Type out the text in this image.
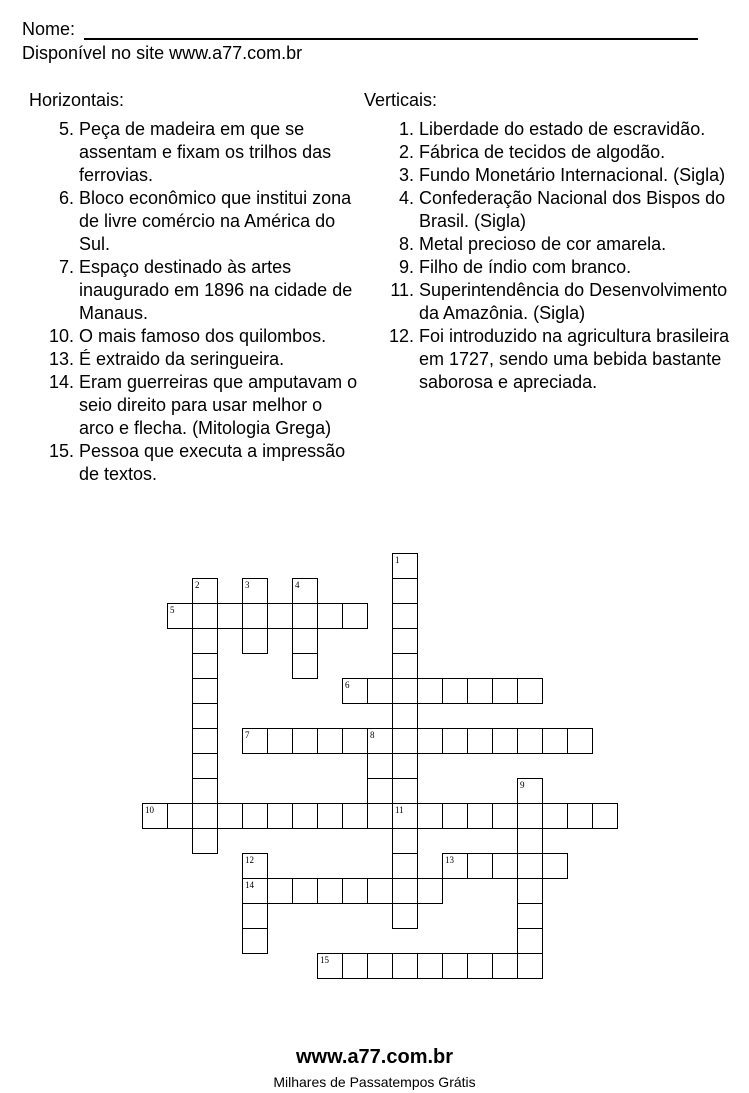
Nome:
Disponível no site www.a77.com.br
Horizontais:	Verticais:
5. Peça de madeira em que se assentam e fixam os trilhos das ferrovias.
6. Bloco econômico que institui zona de livre comércio na América do Sul.
7. Espaço destinado às artes inaugurado em 1896 na cidade de Manaus.
10. O mais famoso dos quilombos.
13. É extraido da seringueira.
14. Eram guerreiras que amputavam o seio direito para usar melhor o arco e flecha. (Mitologia Grega)
15. Pessoa que executa a impressão de textos.
1. Liberdade do estado de escravidão.
2. Fábrica de tecidos de algodão.
3. Fundo Monetário Internacional. (Sigla)
4. Confederação Nacional dos Bispos do Brasil. (Sigla)
8. Metal precioso de cor amarela.
9. Filho de índio com branco.
11. Superintendência do Desenvolvimento da Amazônia. (Sigla)
12. Foi introduzido na agricultura brasileira em 1727, sendo uma bebida bastante saborosa e apreciada.
1
11
2	3	4
5
6
7	8
9
10
12
14
13
15
www.a77.com.br
Milhares de Passatempos Grátis
